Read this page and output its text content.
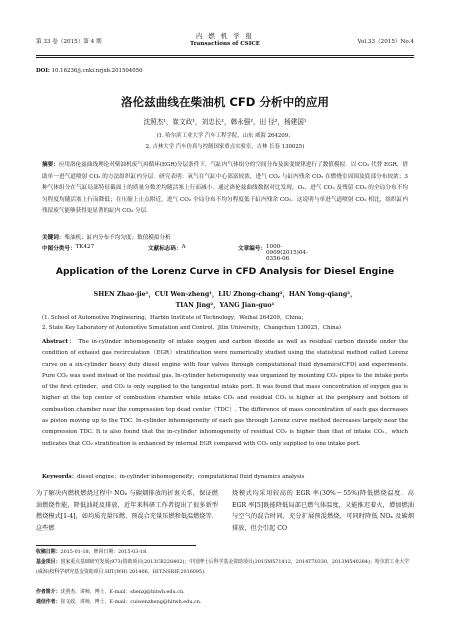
第 33 卷（2015）第 4 期
内 燃 机 学 报
Transactions of CSICE	Vol.33（2015）No.4
DOI: 10.16236/j.cnki.nrjxb.201504050
洛伦兹曲线在柴油机 CFD 分析中的应用
沈照杰¹，崔文政¹，刘忠长²，韩永强²，田 径²，杨建国¹
(1. 哈尔滨工业大学 汽车工程学院，山东 威海 264209；
2. 吉林大学 汽车仿真与控制国家重点实验室，吉林 长春 130025)
摘要：应用洛伦兹曲线理论对柴油机废气再循环(EGR)分层条件下，气缸内气体组分的空间分布及演变规律进行了数值模拟．以 CO₂ 代替 EGR，借助单一进气道喷射 CO₂ 的方法组织缸内分层．研究表明：氧气在气缸中心部富较浓，进气 CO₂ 与缸内残余 CO₂ 在燃烧室周围及底部分布较浓；3 种气体组分在气缸局部特征截面上的质量分数差均随活塞上行而减小．通过洛伦兹曲线数据对比发现，O₂、进气 CO₂ 及残留 CO₂ 的全局分布不均匀程度均随活塞上行而降低；在压缩上止点附近，进气 CO₂ 全局分布不均匀程度低于缸内残余 CO₂．这说明与单进气道喷射 CO₂ 相比，组织缸内残留废气能够获得更显著的缸内 CO₂ 分层．
关键词：柴油机；缸内分布不均匀度；数值模拟分析
中图分类号： TK427	文献标志码： A	文章编号： 1000-0909(2015)04-0356-06
Application of the Lorenz Curve in CFD Analysis for Diesel Engine
SHEN Zhao-jie¹，CUI Wen-zheng¹，LIU Zhong-chang²，HAN Yong-qiang²，
TIAN Jing²，YANG Jian-guo¹
(1. School of Automotive Engineering，Harbin Institute of Technology，Weihai 264209，China；
2. State Key Laboratory of Automotive Simulation and Control，Jilin University，Changchun 130025，China)
Abstract： The in-cylinder inhomogeneity of intake oxygen and carbon dioxide as well as residual carbon dioxide under the condition of exhaust gas recirculation（EGR）stratification were numerically studied using the statistical method called Lorenz curve on a six-cylinder heavy duty diesel engine with four valves through computational fluid dynamics(CFD) and experiments. Pure CO₂ was used instead of the residual gas. In-cylinder heterogeneity was organized by mounting CO₂ pipes to the intake ports of the first cylinder，and CO₂ is only supplied to the tangential intake port. It was found that mass concentration of oxygen gas is higher at the top center of combustion chamber while intake CO₂ and residual CO₂ is higher at the periphery and bottom of combustion chamber near the compression top dead center（TDC）. The difference of mass concentration of each gas decreases as piston moving up to the TDC. In-cylinder inhomogeneity of each gas through Lorenz curve method decreases largely near the compression TDC. It is also found that the in-cylinder inhomogeneity of residual CO₂ is higher than that of intake CO₂，which indicates that CO₂ stratification is enhanced by internal EGR compared with CO₂ only supplied to one intake port.
Keywords：diesel engine；in-cylinder inhomogeneity；computational fluid dynamics analysis
为了解决内燃机燃烧过程中 NOₓ 与碳烟排放的折衷关系，保证燃油燃烧性能，降低油耗及排放，近年来科研工作者提出了很多新型燃烧模式[1-4]，如均质充量压燃、预混合充量压燃和低温燃烧等．这些燃
烧模式均采用较高的 EGR 率(30%～55%)降低燃烧温度．高 EGR 率[5]既能降低局部已燃气体温度，又能推迟着火，增加燃油与空气的混合时间，充分扩展预混燃烧，可同时降低 NOₓ 及碳烟排放，但会引起 CO
收稿日期：2015-01-18；修回日期：2015-03-18.
基金项目：国家重点基础研究发展(973)资助项目(2013CB228402)；中国博士后科学基金资助项目(2015M571412，2014T70330，2013M540284)；哈尔滨工业大学(威海)校科学研究基金资助项目 HIT(WH) 201406，HIT.NSRIF.2016095).
作者简介：沈照杰，讲师，博士，E-mail：shenzj@hitwh.edu.cn.
通信作者：崔文政，讲师，博士，E-mail：cuiwenzheng@hitwh.edu.cn.
